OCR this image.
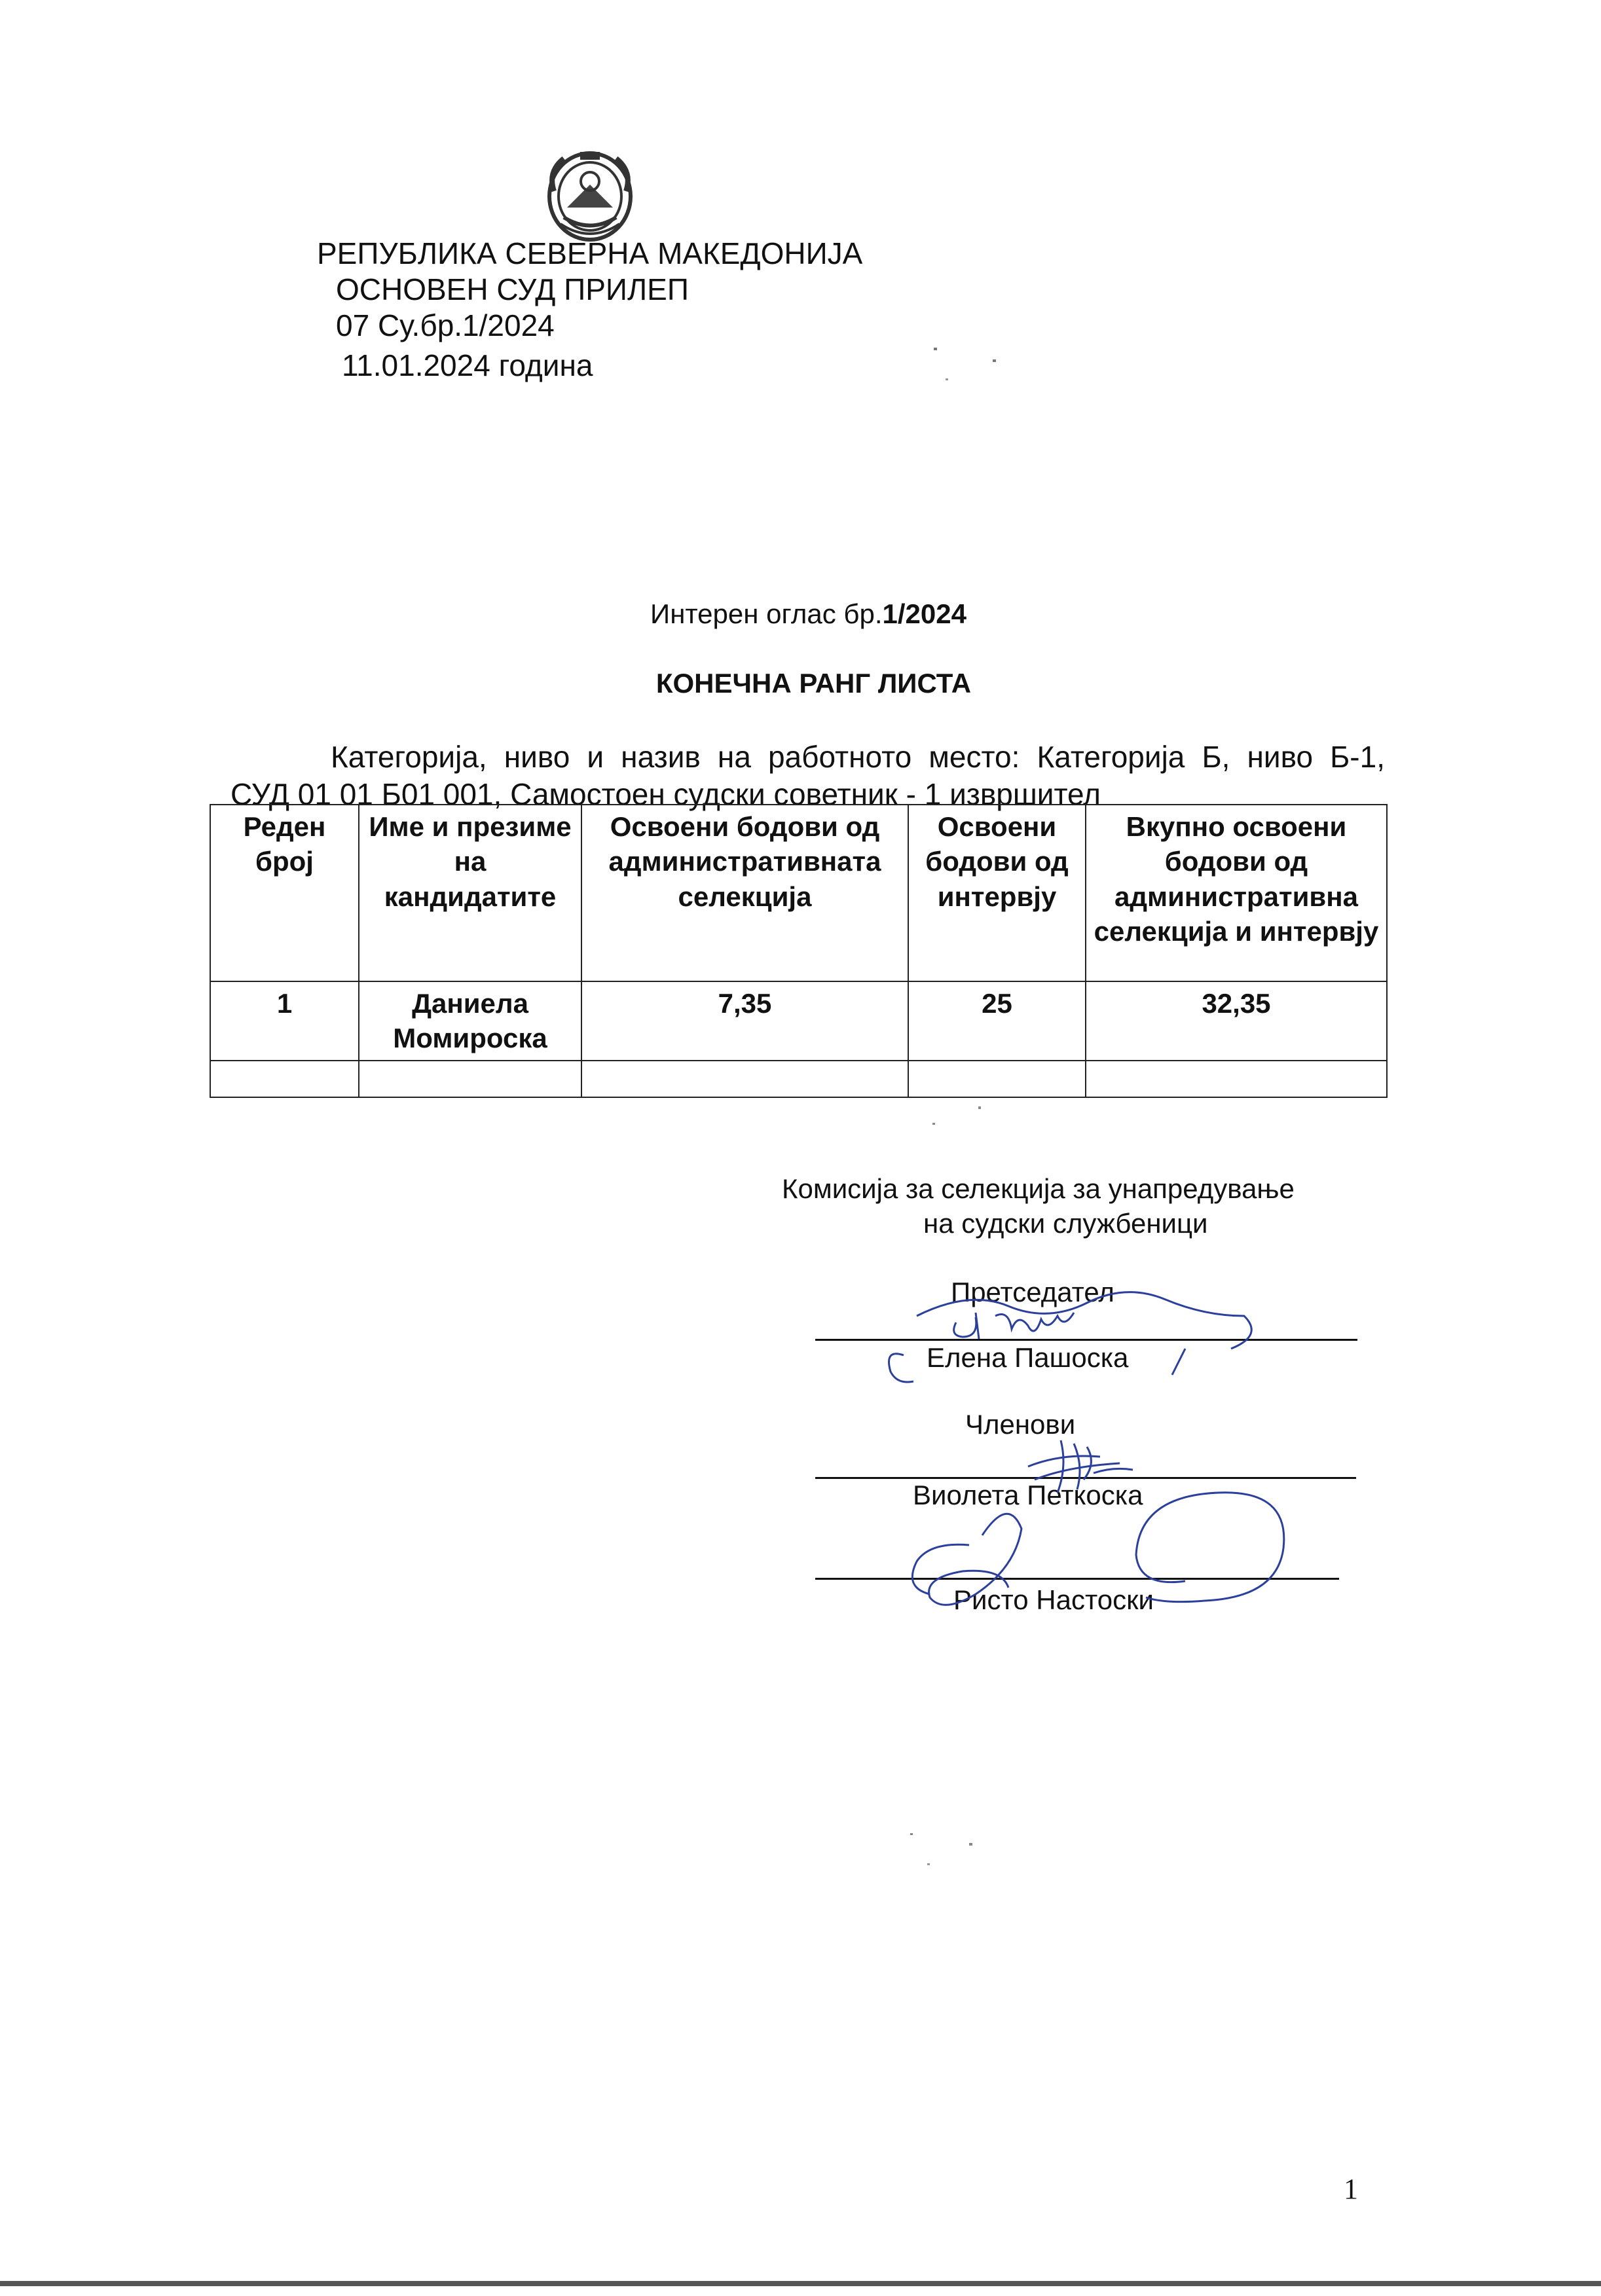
РЕПУБЛИКА СЕВЕРНА МАКЕДОНИЈА
ОСНОВЕН СУД ПРИЛЕП
07 Су.бр.1/2024
11.01.2024 година
Интерен оглас бр.1/2024
КОНЕЧНА РАНГ ЛИСТА
Категорија, ниво и назив на работното место: Категорија Б, ниво Б-1,
СУД 01 01 Б01 001, Самостоен судски советник - 1 извршител
Реден број	Име и презиме на кандидатите	Освоени бодови од административната селекција	Освоени бодови од интервју	Вкупно освоени бодови од административна селекција и интервју
1	Даниела Момироска	7,35	25	32,35

Комисија за селекција за унапредување
на судски службеници
Претседател
Елена Пашоска
Членови
Виолета Петкоска
Ристо Настоски
1
